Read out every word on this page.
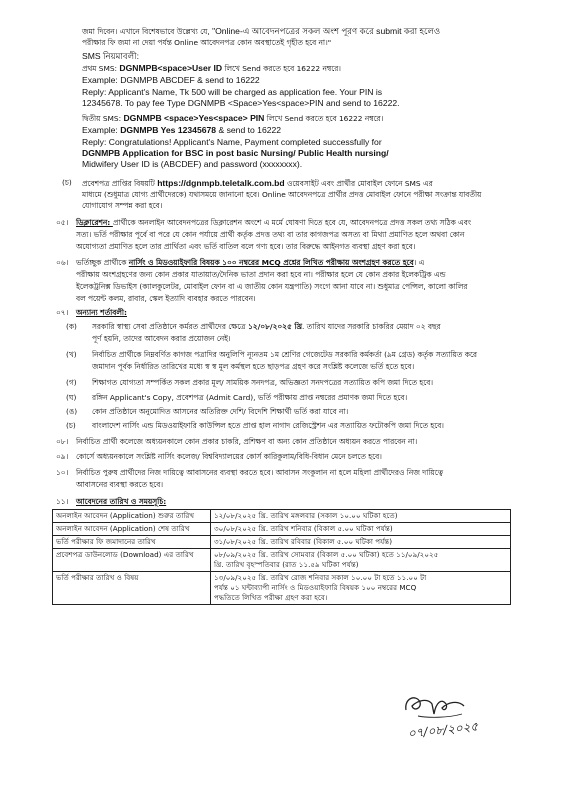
জমা দিবেন। এখানে বিশেষভাবে উল্লেখ্য যে, "Online-এ আবেদনপত্রের সকল অংশ পূরণ করে submit করা হলেও
পরীক্ষার ফি জমা না দেয়া পর্যন্ত Online আবেদনপত্র কোন অবস্থাতেই গৃহীত হবে না।"
SMS নিয়মাবলী:
প্রথম SMS: DGNMPB<space>User ID লিখে Send করতে হবে 16222 নম্বরে।
Example: DGNMPB ABCDEF & send to 16222
Reply: Applicant's Name, Tk 500 will be charged as application fee. Your PIN is
12345678. To pay fee Type DGNMPB <Space>Yes<space>PIN and send to 16222.
দ্বিতীয় SMS: DGNMPB <space>Yes<space> PIN লিখে Send করতে হবে 16222 নম্বরে।
Example: DGNMPB Yes 12345678 & send to 16222
Reply: Congratulations! Applicant's Name, Payment completed successfully for
DGNMPB Application for BSC in post basic Nursing/ Public Health nursing/
Midwifery User ID is (ABCDEF) and password (xxxxxxxx).
(চ) প্রবেশপত্র প্রাপ্তির বিষয়টি https://dgnmpb.teletalk.com.bd ওয়েবসাইট এবং প্রার্থীর মোবাইল ফোনে SMS এর
মাধ্যমে (শুধুমাত্র যোগ্য প্রার্থীদেরকে) যথাসময়ে জানানো হবে। Online আবেদনপত্রে প্রার্থীর প্রদত্ত মোবাইল ফোনে পরীক্ষা সংক্রান্ত যাবতীয়
যোগাযোগ সম্পন্ন করা হবে।
০৫। ডিক্লারেশন: প্রার্থীকে অনলাইন আবেদনপত্রের ডিক্লারেশন অংশে এ মর্মে ঘোষণা দিতে হবে যে, আবেদনপত্রে প্রদত্ত সকল তথ্য সঠিক এবং
সত্য। ভর্তি পরীক্ষার পূর্বে বা পরে যে কোন পর্যায়ে প্রার্থী কর্তৃক প্রদত্ত তথ্য বা তার কাগজপত্র অসত্য বা মিথ্যা প্রমাণিত হলে অথবা কোন
অযোগ্যতা প্রমাণিত হলে তার প্রার্থিতা এবং ভর্তি বাতিল বলে গণ্য হবে। তার বিরুদ্ধে আইনগত ব্যবস্থা গ্রহণ করা হবে।
০৬। ভর্তিচ্ছুক প্রার্থীকে নার্সিং ও মিডওয়াইফারি বিষয়ক ১০০ নম্বরের MCQ প্রশ্নের লিখিত পরীক্ষায় অংশগ্রহণ করতে হবে। এ
পরীক্ষায় অংশগ্রহণের জন্য কোন প্রকার যাতায়াত/দৈনিক ভাতা প্রদান করা হবে না। পরীক্ষার হলে যে কোন প্রকার ইলেকট্রিক এন্ড
ইলেকট্রনিক্স ডিভাইস (ক্যালকুলেটর, মোবাইল ফোন বা এ জাতীয় কোন যন্ত্রপাতি) সংগে আনা যাবে না। শুধুমাত্র পেন্সিল, কালো কালির
বল পয়েন্ট কলম, রাবার, স্কেল ইত্যাদি ব্যবহার করতে পারবেন।
০৭। অন্যান্য শর্তাবলী:
(ক) সরকারি স্বাস্থ্য সেবা প্রতিষ্ঠানে কর্মরত প্রার্থীদের ক্ষেত্রে ১২/০৮/২০২৫ খ্রি. তারিখ যাদের সরকারি চাকরির মেয়াদ ০২ বছর
পূর্ণ হয়নি, তাদের আবেদন করার প্রয়োজন নেই।
(খ) নির্বাচিত প্রার্থীকে নিম্নবর্ণিত কাগজ পত্রাদির অনুলিপি ন্যূনতম ১ম শ্রেণির গেজেটেড সরকারি কর্মকর্তা (৯ম গ্রেড) কর্তৃক সত্যায়িত করে
জমাদান পূর্বক নির্ধারিত তারিখের মধ্যে স্ব স্ব মূল কর্মস্থল হতে ছাড়পত্র গ্রহণ করে সংশ্লিষ্ট কলেজে ভর্তি হতে হবে।
(গ) শিক্ষাগত যোগ্যতা সম্পর্কিত সকল প্রকার মূল/ সাময়িক সনদপত্র, অভিজ্ঞতা সনদপত্রের সত্যায়িত কপি জমা দিতে হবে।
(ঘ) রঙ্গিন Applicant's Copy, প্রবেশপত্র (Admit Card), ভর্তি পরীক্ষায় প্রাপ্ত নম্বরের প্রমাণক জমা দিতে হবে।
(ঙ) কোন প্রতিষ্ঠানে অনুমোদিত আসনের অতিরিক্ত দেশি/ বিদেশি শিক্ষার্থী ভর্তি করা যাবে না।
(চ) বাংলাদেশ নার্সিং এন্ড মিডওয়াইফারি কাউন্সিল হতে প্রাপ্ত হাল নাগাদ রেজিস্ট্রেশন এর সত্যায়িত ফটোকপি জমা দিতে হবে।
০৮। নির্বাচিত প্রার্থী কলেজে অধ্যয়নকালে কোন প্রকার চাকরি, প্রশিক্ষণ বা অন্য কোন প্রতিষ্ঠানে অধ্যয়ন করতে পারবেন না।
০৯। কোর্সে অধ্যয়নকালে সংশ্লিষ্ট নার্সিং কলেজ/ বিশ্ববিদ্যালয়ের কোর্স কারিকুলাম/বিধি-বিধান মেনে চলতে হবে।
১০। নির্বাচিত পুরুষ প্রার্থীদের নিজ দায়িত্বে আবাসনের ব্যবস্থা করতে হবে। আবাসন সংকুলান না হলে মহিলা প্রার্থীদেরও নিজ দায়িত্বে
আবাসনের ব্যবস্থা করতে হবে।
১১। আবেদনের তারিখ ও সময়সূচি:
অনলাইন আবেদন (Application) শুরুর তারিখ	১২/০৮/২০২৫ খ্রি. তারিখ মঙ্গলবার (সকাল ১০.০০ ঘটিকা হতে)
অনলাইন আবেদন (Application) শেষ তারিখ	৩০/০৮/২০২৫ খ্রি. তারিখ শনিবার (বিকাল ৫.০০ ঘটিকা পর্যন্ত)
ভর্তি পরীক্ষার ফি জমাদানের তারিখ	৩১/০৮/২০২৫ খ্রি. তারিখ রবিবার (বিকাল ৫.০০ ঘটিকা পর্যন্ত)
প্রবেশপত্র ডাউনলোড (Download) এর তারিখ	০৮/০৯/২০২৫ খ্রি. তারিখ সোমবার (বিকাল ৫.০০ ঘটিকা) হতে ১১/০৯/২০২৫
খ্রি. তারিখ বৃহস্পতিবার (রাত ১১.৫৯ ঘটিকা পর্যন্ত)

ভর্তি পরীক্ষার তারিখ ও বিষয়	১৩/০৯/২০২৫ খ্রি. তারিখ রোজ শনিবার সকাল ১০.০০ টা হতে ১১.০০ টা
পর্যন্ত ০১ ঘন্টাব্যাপী নার্সিং ও মিডওয়াইফারি বিষয়ক ১০০ নম্বরের MCQ
পদ্ধতিতে লিখিত পরীক্ষা গ্রহণ করা হবে।
০৭/০৮/২০২৫
